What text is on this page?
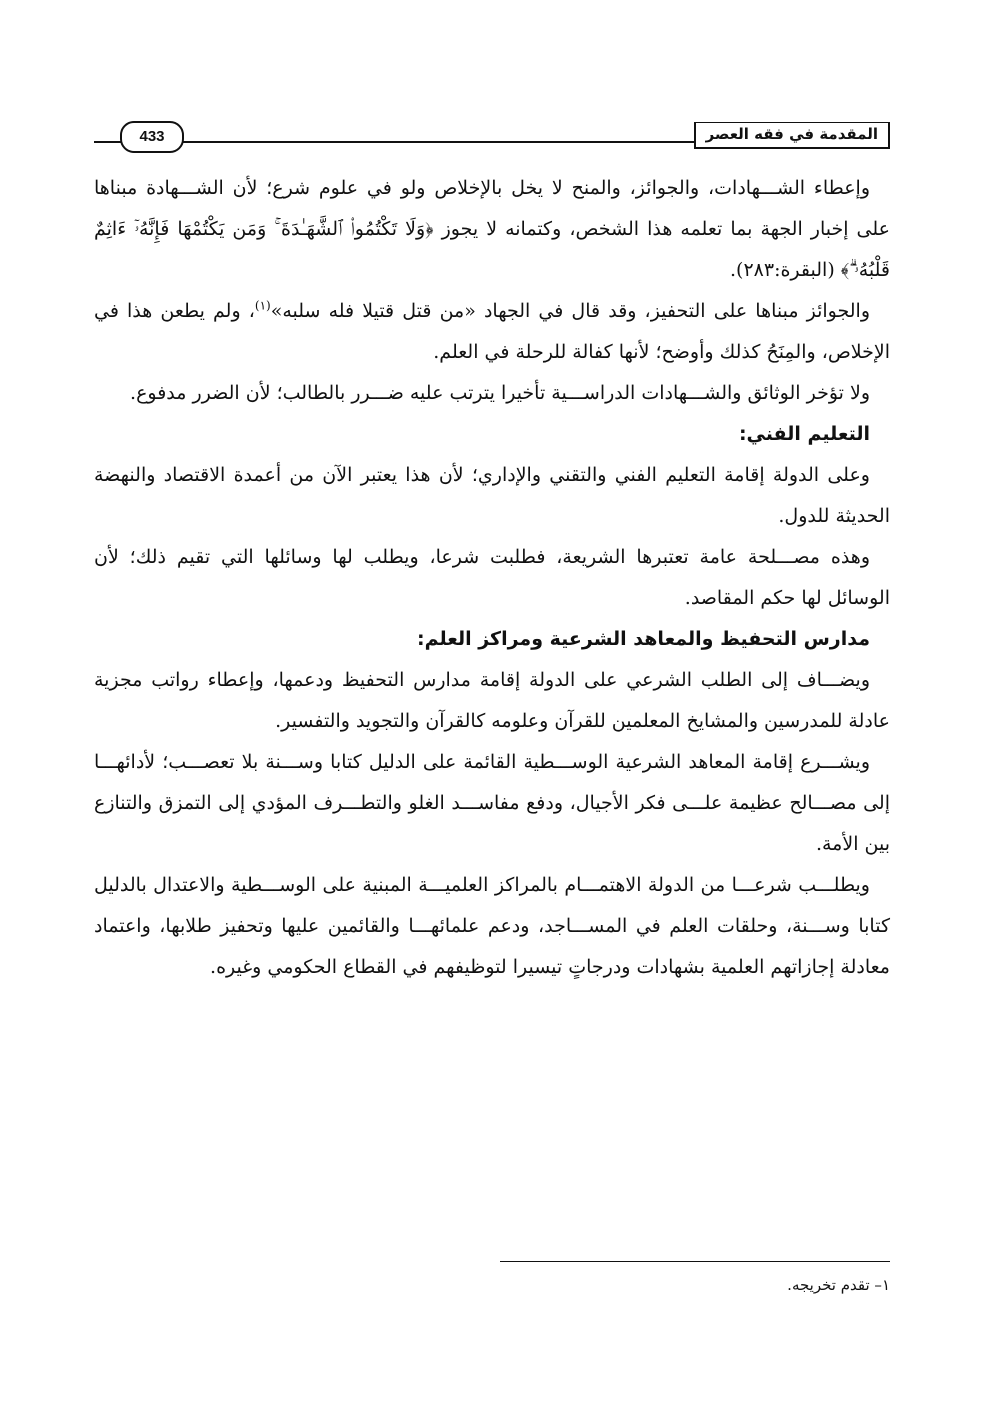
المقدمة في فقه العصر
433

وإعطاء الشـــهادات، والجوائز، والمنح لا يخل بالإخلاص ولو في علوم شرع؛ لأن الشـــهادة مبناها على إخبار الجهة بما تعلمه هذا الشخص، وكتمانه لا يجوز ﴿وَلَا تَكْتُمُوا۟ ٱلشَّهَـٰدَةَ ۚ وَمَن يَكْتُمْهَا فَإِنَّهُۥٓ ءَاثِمٌ قَلْبُهُۥ ۗ﴾ (البقرة:٢٨٣).

والجوائز مبناها على التحفيز، وقد قال في الجهاد «من قتل قتيلا فله سلبه»$^{(١)}$، ولم يطعن هذا في الإخلاص، والمِنَحُ كذلك وأوضح؛ لأنها كفالة للرحلة في العلم.

ولا تؤخر الوثائق والشـــهادات الدراســـية تأخيرا يترتب عليه ضـــرر بالطالب؛ لأن الضرر مدفوع.

التعليم الفني:

وعلى الدولة إقامة التعليم الفني والتقني والإداري؛ لأن هذا يعتبر الآن من أعمدة الاقتصاد والنهضة الحديثة للدول.

وهذه مصـــلحة عامة تعتبرها الشريعة، فطلبت شرعا، ويطلب لها وسائلها التي تقيم ذلك؛ لأن الوسائل لها حكم المقاصد.

مدارس التحفيظ والمعاهد الشرعية ومراكز العلم:

ويضـــاف إلى الطلب الشرعي على الدولة إقامة مدارس التحفيظ ودعمها، وإعطاء رواتب مجزية عادلة للمدرسين والمشايخ المعلمين للقرآن وعلومه كالقرآن والتجويد والتفسير.

ويشـــرع إقامة المعاهد الشرعية الوســـطية القائمة على الدليل كتابا وســـنة بلا تعصـــب؛ لأدائهـــا إلى مصـــالح عظيمة علـــى فكر الأجيال، ودفع مفاســـد الغلو والتطـــرف المؤدي إلى التمزق والتنازع بين الأمة.

ويطلـــب شرعـــا من الدولة الاهتمـــام بالمراكز العلميـــة المبنية على الوســـطية والاعتدال بالدليل كتابا وســـنة، وحلقات العلم في المســـاجد، ودعم علمائهـــا والقائمين عليها وتحفيز طلابها، واعتماد معادلة إجازاتهم العلمية بشهادات ودرجاتٍ تيسيرا لتوظيفهم في القطاع الحكومي وغيره.

١– تقدم تخريجه.
